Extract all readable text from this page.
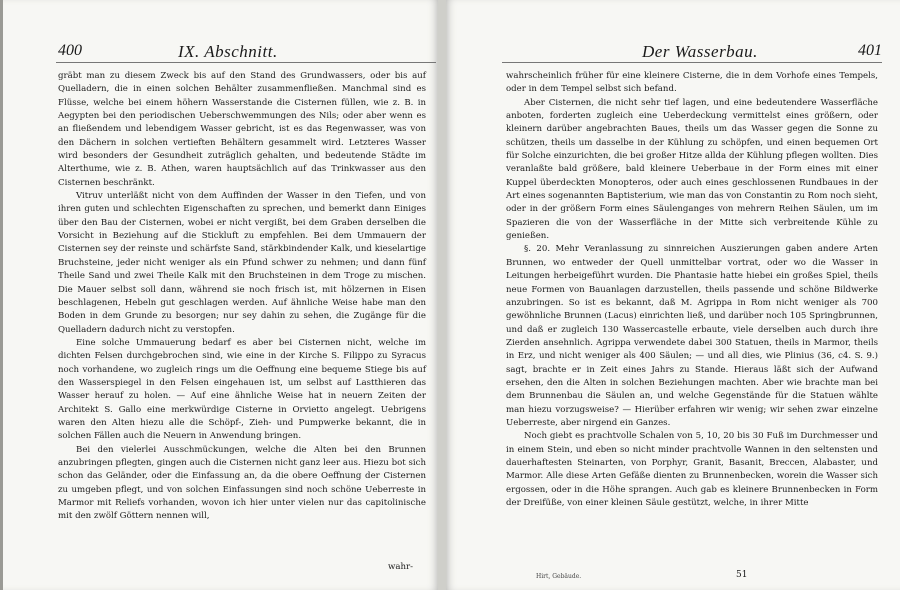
400	IX. Abschnitt.

gräbt man zu diesem Zweck bis auf den Stand des Grundwassers, oder bis auf Quelladern, die in einen solchen Behälter zusammenfließen. Manchmal sind es Flüsse, welche bei einem höhern Wasserstande die Cisternen füllen, wie z. B. in Aegypten bei den periodischen Ueberschwemmungen des Nils; oder aber wenn es an fließendem und lebendigem Wasser gebricht, ist es das Regenwasser, was von den Dächern in solchen vertieften Behältern gesammelt wird. Letzteres Wasser wird besonders der Gesundheit zuträglich gehalten, und bedeutende Städte im Alterthume, wie z. B. Athen, waren hauptsächlich auf das Trinkwasser aus den Cisternen beschränkt.

Vitruv unterläßt nicht von dem Auffinden der Wasser in den Tiefen, und von ihren guten und schlechten Eigenschaften zu sprechen, und bemerkt dann Einiges über den Bau der Cisternen, wobei er nicht vergißt, bei dem Graben derselben die Vorsicht in Beziehung auf die Stickluft zu empfehlen. Bei dem Ummauern der Cisternen sey der reinste und schärfste Sand, stärkbindender Kalk, und kieselartige Bruchsteine, jeder nicht weniger als ein Pfund schwer zu nehmen; und dann fünf Theile Sand und zwei Theile Kalk mit den Bruchsteinen in dem Troge zu mischen. Die Mauer selbst soll dann, während sie noch frisch ist, mit hölzernen in Eisen beschlagenen, Hebeln gut geschlagen werden. Auf ähnliche Weise habe man den Boden in dem Grunde zu besorgen; nur sey dahin zu sehen, die Zugänge für die Quelladern dadurch nicht zu verstopfen.

Eine solche Ummauerung bedarf es aber bei Cisternen nicht, welche im dichten Felsen durchgebrochen sind, wie eine in der Kirche S. Filippo zu Syracus noch vorhandene, wo zugleich rings um die Oeffnung eine bequeme Stiege bis auf den Wasserspiegel in den Felsen eingehauen ist, um selbst auf Lastthieren das Wasser herauf zu holen. — Auf eine ähnliche Weise hat in neuern Zeiten der Architekt S. Gallo eine merkwürdige Cisterne in Orvietto angelegt. Uebrigens waren den Alten hiezu alle die Schöpf-, Zieh- und Pumpwerke bekannt, die in solchen Fällen auch die Neuern in Anwendung bringen.

Bei den vielerlei Ausschmückungen, welche die Alten bei den Brunnen anzubringen pflegten, gingen auch die Cisternen nicht ganz leer aus. Hiezu bot sich schon das Geländer, oder die Einfassung an, da die obere Oeffnung der Cisternen zu umgeben pflegt, und von solchen Einfassungen sind noch schöne Ueberreste in Marmor mit Reliefs vorhanden, wovon ich hier unter vielen nur das capitolinische mit den zwölf Göttern nennen will,

wahr-
Der Wasserbau.	401

wahrscheinlich früher für eine kleinere Cisterne, die in dem Vorhofe eines Tempels, oder in dem Tempel selbst sich befand.

Aber Cisternen, die nicht sehr tief lagen, und eine bedeutendere Wasserfläche anboten, forderten zugleich eine Ueberdeckung vermittelst eines größern, oder kleinern darüber angebrachten Baues, theils um das Wasser gegen die Sonne zu schützen, theils um dasselbe in der Kühlung zu schöpfen, und einen bequemen Ort für Solche einzurichten, die bei großer Hitze allda der Kühlung pflegen wollten. Dies veranlaßte bald größere, bald kleinere Ueberbaue in der Form eines mit einer Kuppel überdeckten Monopteros, oder auch eines geschlossenen Rundbaues in der Art eines sogenannten Baptisterium, wie man das von Constantin zu Rom noch sieht, oder in der größern Form eines Säulenganges von mehrern Reihen Säulen, um im Spazieren die von der Wasserfläche in der Mitte sich verbreitende Kühle zu genießen.

§. 20. Mehr Veranlassung zu sinnreichen Auszierungen gaben andere Arten Brunnen, wo entweder der Quell unmittelbar vortrat, oder wo die Wasser in Leitungen herbeigeführt wurden. Die Phantasie hatte hiebei ein großes Spiel, theils neue Formen von Bauanlagen darzustellen, theils passende und schöne Bildwerke anzubringen. So ist es bekannt, daß M. Agrippa in Rom nicht weniger als 700 gewöhnliche Brunnen (Lacus) einrichten ließ, und darüber noch 105 Springbrunnen, und daß er zugleich 130 Wassercastelle erbaute, viele derselben auch durch ihre Zierden ansehnlich. Agrippa verwendete dabei 300 Statuen, theils in Marmor, theils in Erz, und nicht weniger als 400 Säulen; — und all dies, wie Plinius (36, c4. S. 9.) sagt, brachte er in Zeit eines Jahrs zu Stande. Hieraus läßt sich der Aufwand ersehen, den die Alten in solchen Beziehungen machten. Aber wie brachte man bei dem Brunnenbau die Säulen an, und welche Gegenstände für die Statuen wählte man hiezu vorzugsweise? — Hierüber erfahren wir wenig; wir sehen zwar einzelne Ueberreste, aber nirgend ein Ganzes.

Noch giebt es prachtvolle Schalen von 5, 10, 20 bis 30 Fuß im Durchmesser und in einem Stein, und eben so nicht minder prachtvolle Wannen in den seltensten und dauerhaftesten Steinarten, von Porphyr, Granit, Basanit, Breccen, Alabaster, und Marmor. Alle diese Arten Gefäße dienten zu Brunnenbecken, worein die Wasser sich ergossen, oder in die Höhe sprangen. Auch gab es kleinere Brunnenbecken in Form der Dreifüße, von einer kleinen Säule gestützt, welche, in ihrer Mitte

Hirt, Gebäude.	51
